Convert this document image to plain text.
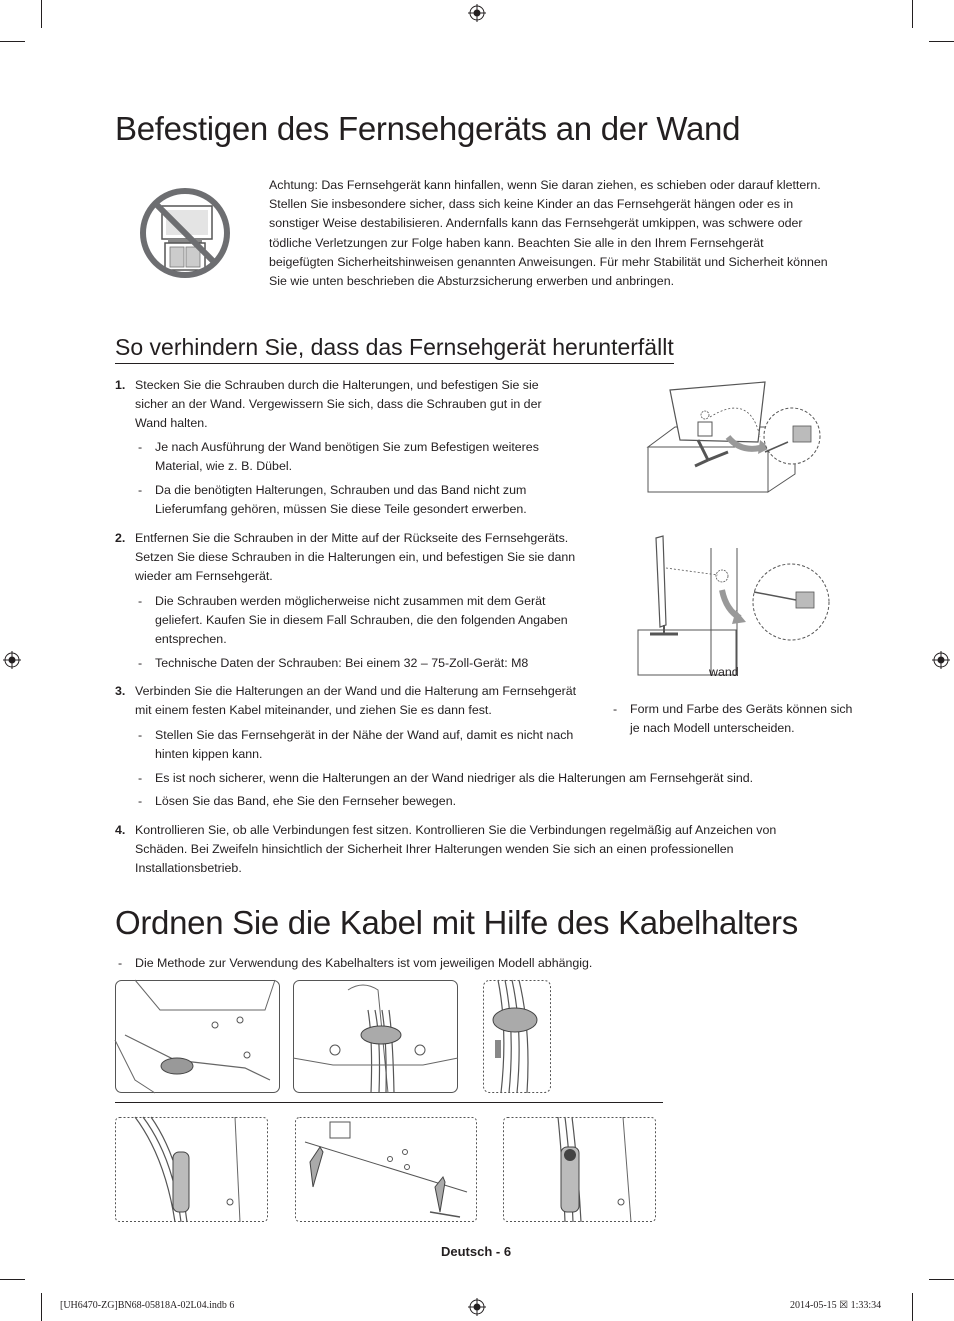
Befestigen des Fernsehgeräts an der Wand
Achtung: Das Fernsehgerät kann hinfallen, wenn Sie daran ziehen, es schieben oder darauf klettern. Stellen Sie insbesondere sicher, dass sich keine Kinder an das Fernsehgerät hängen oder es in sonstiger Weise destabilisieren. Andernfalls kann das Fernsehgerät umkippen, was schwere oder tödliche Verletzungen zur Folge haben kann. Beachten Sie alle in den Ihrem Fernsehgerät beigefügten Sicherheitshinweisen genannten Anweisungen. Für mehr Stabilität und Sicherheit können Sie wie unten beschrieben die Absturzsicherung erwerben und anbringen.
So verhindern Sie, dass das Fernsehgerät herunterfällt
1. Stecken Sie die Schrauben durch die Halterungen, und befestigen Sie sie sicher an der Wand. Vergewissern Sie sich, dass die Schrauben gut in der Wand halten.
- Je nach Ausführung der Wand benötigen Sie zum Befestigen weiteres Material, wie z. B. Dübel.
- Da die benötigten Halterungen, Schrauben und das Band nicht zum Lieferumfang gehören, müssen Sie diese Teile gesondert erwerben.
2. Entfernen Sie die Schrauben in der Mitte auf der Rückseite des Fernsehgeräts. Setzen Sie diese Schrauben in die Halterungen ein, und befestigen Sie sie dann wieder am Fernsehgerät.
- Die Schrauben werden möglicherweise nicht zusammen mit dem Gerät geliefert. Kaufen Sie in diesem Fall Schrauben, die den folgenden Angaben entsprechen.
- Technische Daten der Schrauben: Bei einem 32 – 75-Zoll-Gerät: M8
3. Verbinden Sie die Halterungen an der Wand und die Halterung am Fernsehgerät mit einem festen Kabel miteinander, und ziehen Sie es dann fest.
- Stellen Sie das Fernsehgerät in der Nähe der Wand auf, damit es nicht nach hinten kippen kann.
- Es ist noch sicherer, wenn die Halterungen an der Wand niedriger als die Halterungen am Fernsehgerät sind.
- Lösen Sie das Band, ehe Sie den Fernseher bewegen.
4. Kontrollieren Sie, ob alle Verbindungen fest sitzen. Kontrollieren Sie die Verbindungen regelmäßig auf Anzeichen von Schäden. Bei Zweifeln hinsichtlich der Sicherheit Ihrer Halterungen wenden Sie sich an einen professionellen Installationsbetrieb.
wand
- Form und Farbe des Geräts können sich je nach Modell unterscheiden.
Ordnen Sie die Kabel mit Hilfe des Kabelhalters
- Die Methode zur Verwendung des Kabelhalters ist vom jeweiligen Modell abhängig.
Deutsch - 6
[UH6470-ZG]BN68-05818A-02L04.indb 6	2014-05-15 ☒ 1:33:34
